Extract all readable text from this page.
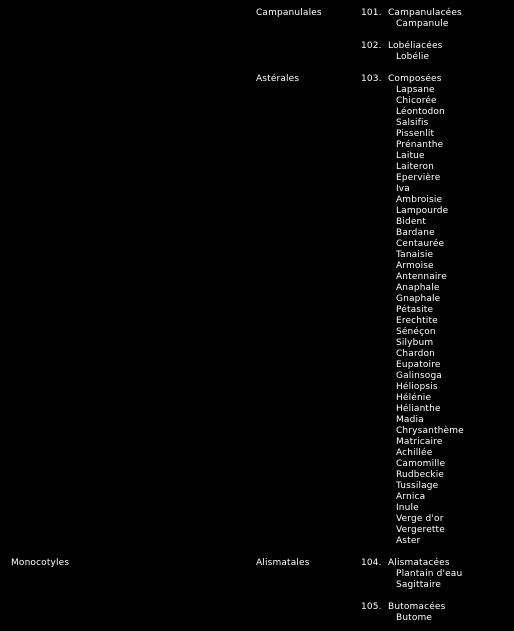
Campanulales	101. Campanulacées
Campanule
102. Lobéliacées
Lobélie
Astérales	103. Composées
Lapsane
Chicorée
Léontodon
Salsifis
Pissenlit
Prénanthe
Laitue
Laiteron
Epervière
Iva
Ambroisie
Lampourde
Bident
Bardane
Centaurée
Tanaisie
Armoise
Antennaire
Anaphale
Gnaphale
Pétasite
Erechtite
Sénéçon
Silybum
Chardon
Eupatoire
Galinsoga
Héliopsis
Hélénie
Hélianthe
Madia
Chrysanthème
Matricaire
Achillée
Camomille
Rudbeckie
Tussilage
Arnica
Inule
Verge d'or
Vergerette
Aster
Monocotyles	Alismatales	104. Alismatacées
Plantain d'eau
Sagittaire
105. Butomacées
Butome
